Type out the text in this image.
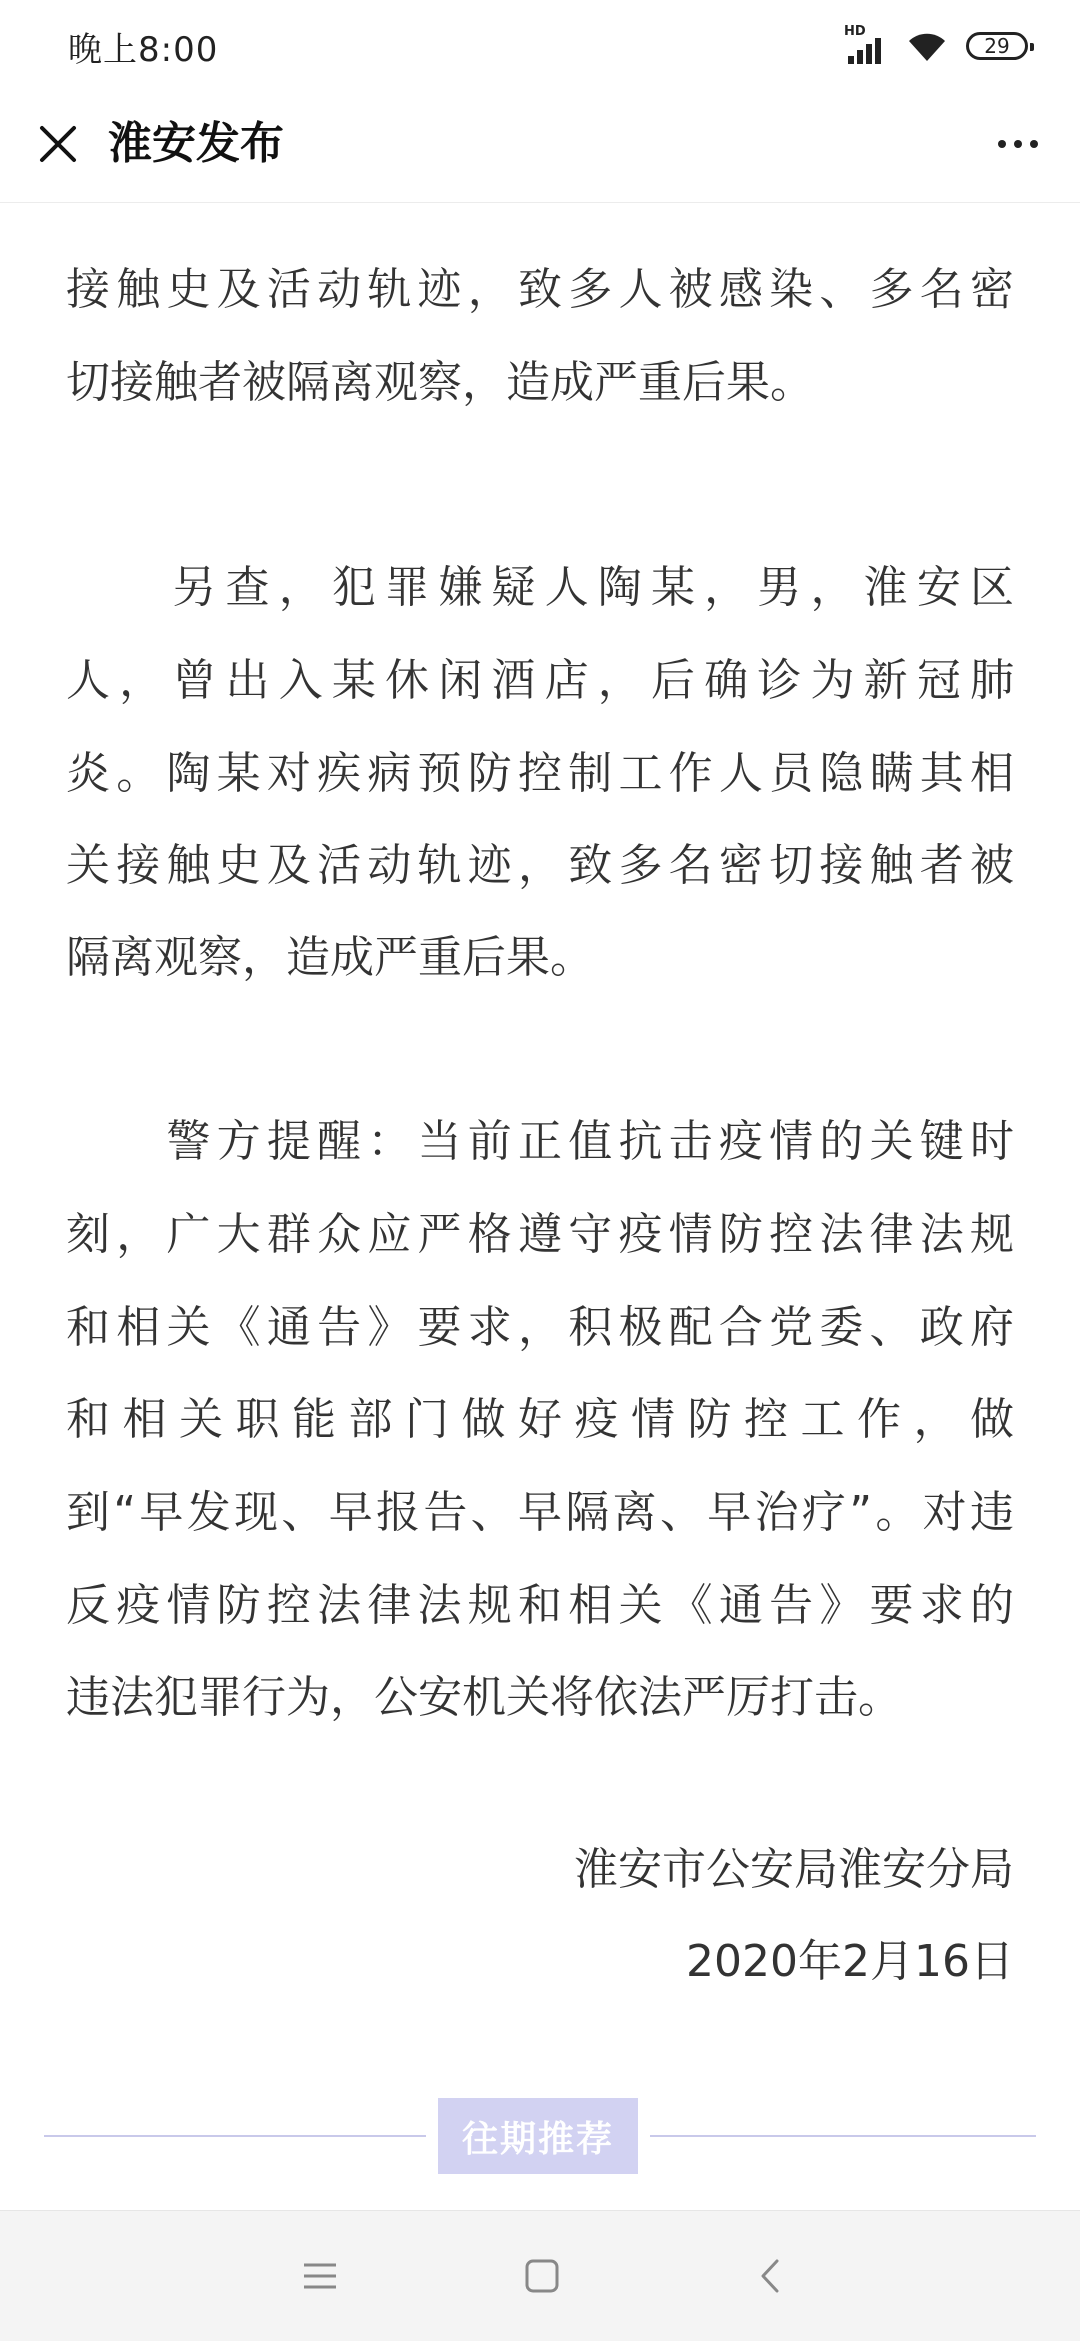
晚上8:00	HD
29
淮安发布
接触史及活动轨迹，致多人被感染、多名密
切接触者被隔离观察，造成严重后果。
　　另查，犯罪嫌疑人陶某，男，淮安区
人，曾出入某休闲酒店，后确诊为新冠肺
炎。陶某对疾病预防控制工作人员隐瞒其相
关接触史及活动轨迹，致多名密切接触者被
隔离观察，造成严重后果。
　　警方提醒：当前正值抗击疫情的关键时
刻，广大群众应严格遵守疫情防控法律法规
和相关《通告》要求，积极配合党委、政府
和相关职能部门做好疫情防控工作，做
到“早发现、早报告、早隔离、早治疗”。对违
反疫情防控法律法规和相关《通告》要求的
违法犯罪行为，公安机关将依法严厉打击。
淮安市公安局淮安分局
2020年2月16日
往期推荐
